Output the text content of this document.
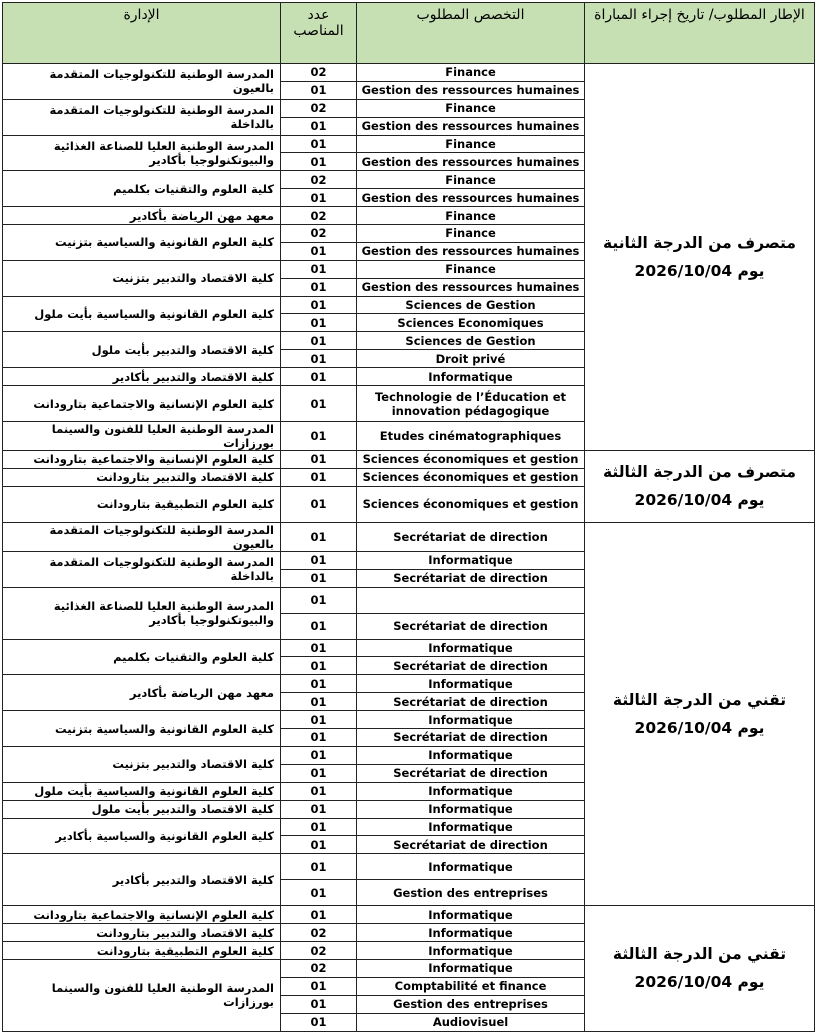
الإدارة	عدد المناصب	التخصص المطلوب	الإطار المطلوب/ تاريخ إجراء المباراة
المدرسة الوطنية للتكنولوجيات المتقدمة بالعيون	02	Finance	متصرف من الدرجة الثانية
يوم 2026/10/04

	01	Gestion des ressources humaines	
المدرسة الوطنية للتكنولوجيات المتقدمة بالداخلة	02	Finance	
	01	Gestion des ressources humaines	
المدرسة الوطنية العليا للصناعة الغذائية والبيوتكنولوجيا بأكادير	01	Finance	
	01	Gestion des ressources humaines	
كلية العلوم والتقنيات بكلميم	02	Finance	
	01	Gestion des ressources humaines	
معهد مهن الرياضة بأكادير	02	Finance	
كلية العلوم القانونية والسياسية بتزنيت	02	Finance	
	01	Gestion des ressources humaines	
كلية الاقتصاد والتدبير بتزنيت	01	Finance	
	01	Gestion des ressources humaines	
كلية العلوم القانونية والسياسية بأيت ملول	01	Sciences de Gestion	
	01	Sciences Economiques	
كلية الاقتصاد والتدبير بأيت ملول	01	Sciences de Gestion	
	01	Droit privé	
كلية الاقتصاد والتدبير بأكادير	01	Informatique	
كلية العلوم الإنسانية والاجتماعية بتارودانت	01	Technologie de l’Éducation et innovation pédagogique	
المدرسة الوطنية العليا للفنون والسينما بورزازات	01	Etudes cinématographiques	
كلية العلوم الإنسانية والاجتماعية بتارودانت	01	Sciences économiques et gestion	متصرف من الدرجة الثالثة
يوم 2026/10/04

كلية الاقتصاد والتدبير بتارودانت	01	Sciences économiques et gestion	
كلية العلوم التطبيقية بتارودانت	01	Sciences économiques et gestion	
المدرسة الوطنية للتكنولوجيات المتقدمة بالعيون	01	Secrétariat de direction	تقني من الدرجة الثالثة
يوم 2026/10/04

المدرسة الوطنية للتكنولوجيات المتقدمة بالداخلة	01	Informatique	
	01	Secrétariat de direction	
المدرسة الوطنية العليا للصناعة الغذائية والبيوتكنولوجيا بأكادير	01		
	01	Secrétariat de direction	
كلية العلوم والتقنيات بكلميم	01	Informatique	
	01	Secrétariat de direction	
معهد مهن الرياضة بأكادير	01	Informatique	
	01	Secrétariat de direction	
كلية العلوم القانونية والسياسية بتزنيت	01	Informatique	
	01	Secrétariat de direction	
كلية الاقتصاد والتدبير بتزنيت	01	Informatique	
	01	Secrétariat de direction	
كلية العلوم القانونية والسياسية بأيت ملول	01	Informatique	
كلية الاقتصاد والتدبير بأيت ملول	01	Informatique	
كلية العلوم القانونية والسياسية بأكادير	01	Informatique	
	01	Secrétariat de direction	
كلية الاقتصاد والتدبير بأكادير	01	Informatique	
	01	Gestion des entreprises	
كلية العلوم الإنسانية والاجتماعية بتارودانت	01	Informatique	تقني من الدرجة الثالثة
يوم 2026/10/04

كلية الاقتصاد والتدبير بتارودانت	02	Informatique	
كلية العلوم التطبيقية بتارودانت	02	Informatique	
المدرسة الوطنية العليا للفنون والسينما بورزازات	02	Informatique	
	01	Comptabilité et finance	
	01	Gestion des entreprises	
	01	Audiovisuel	
